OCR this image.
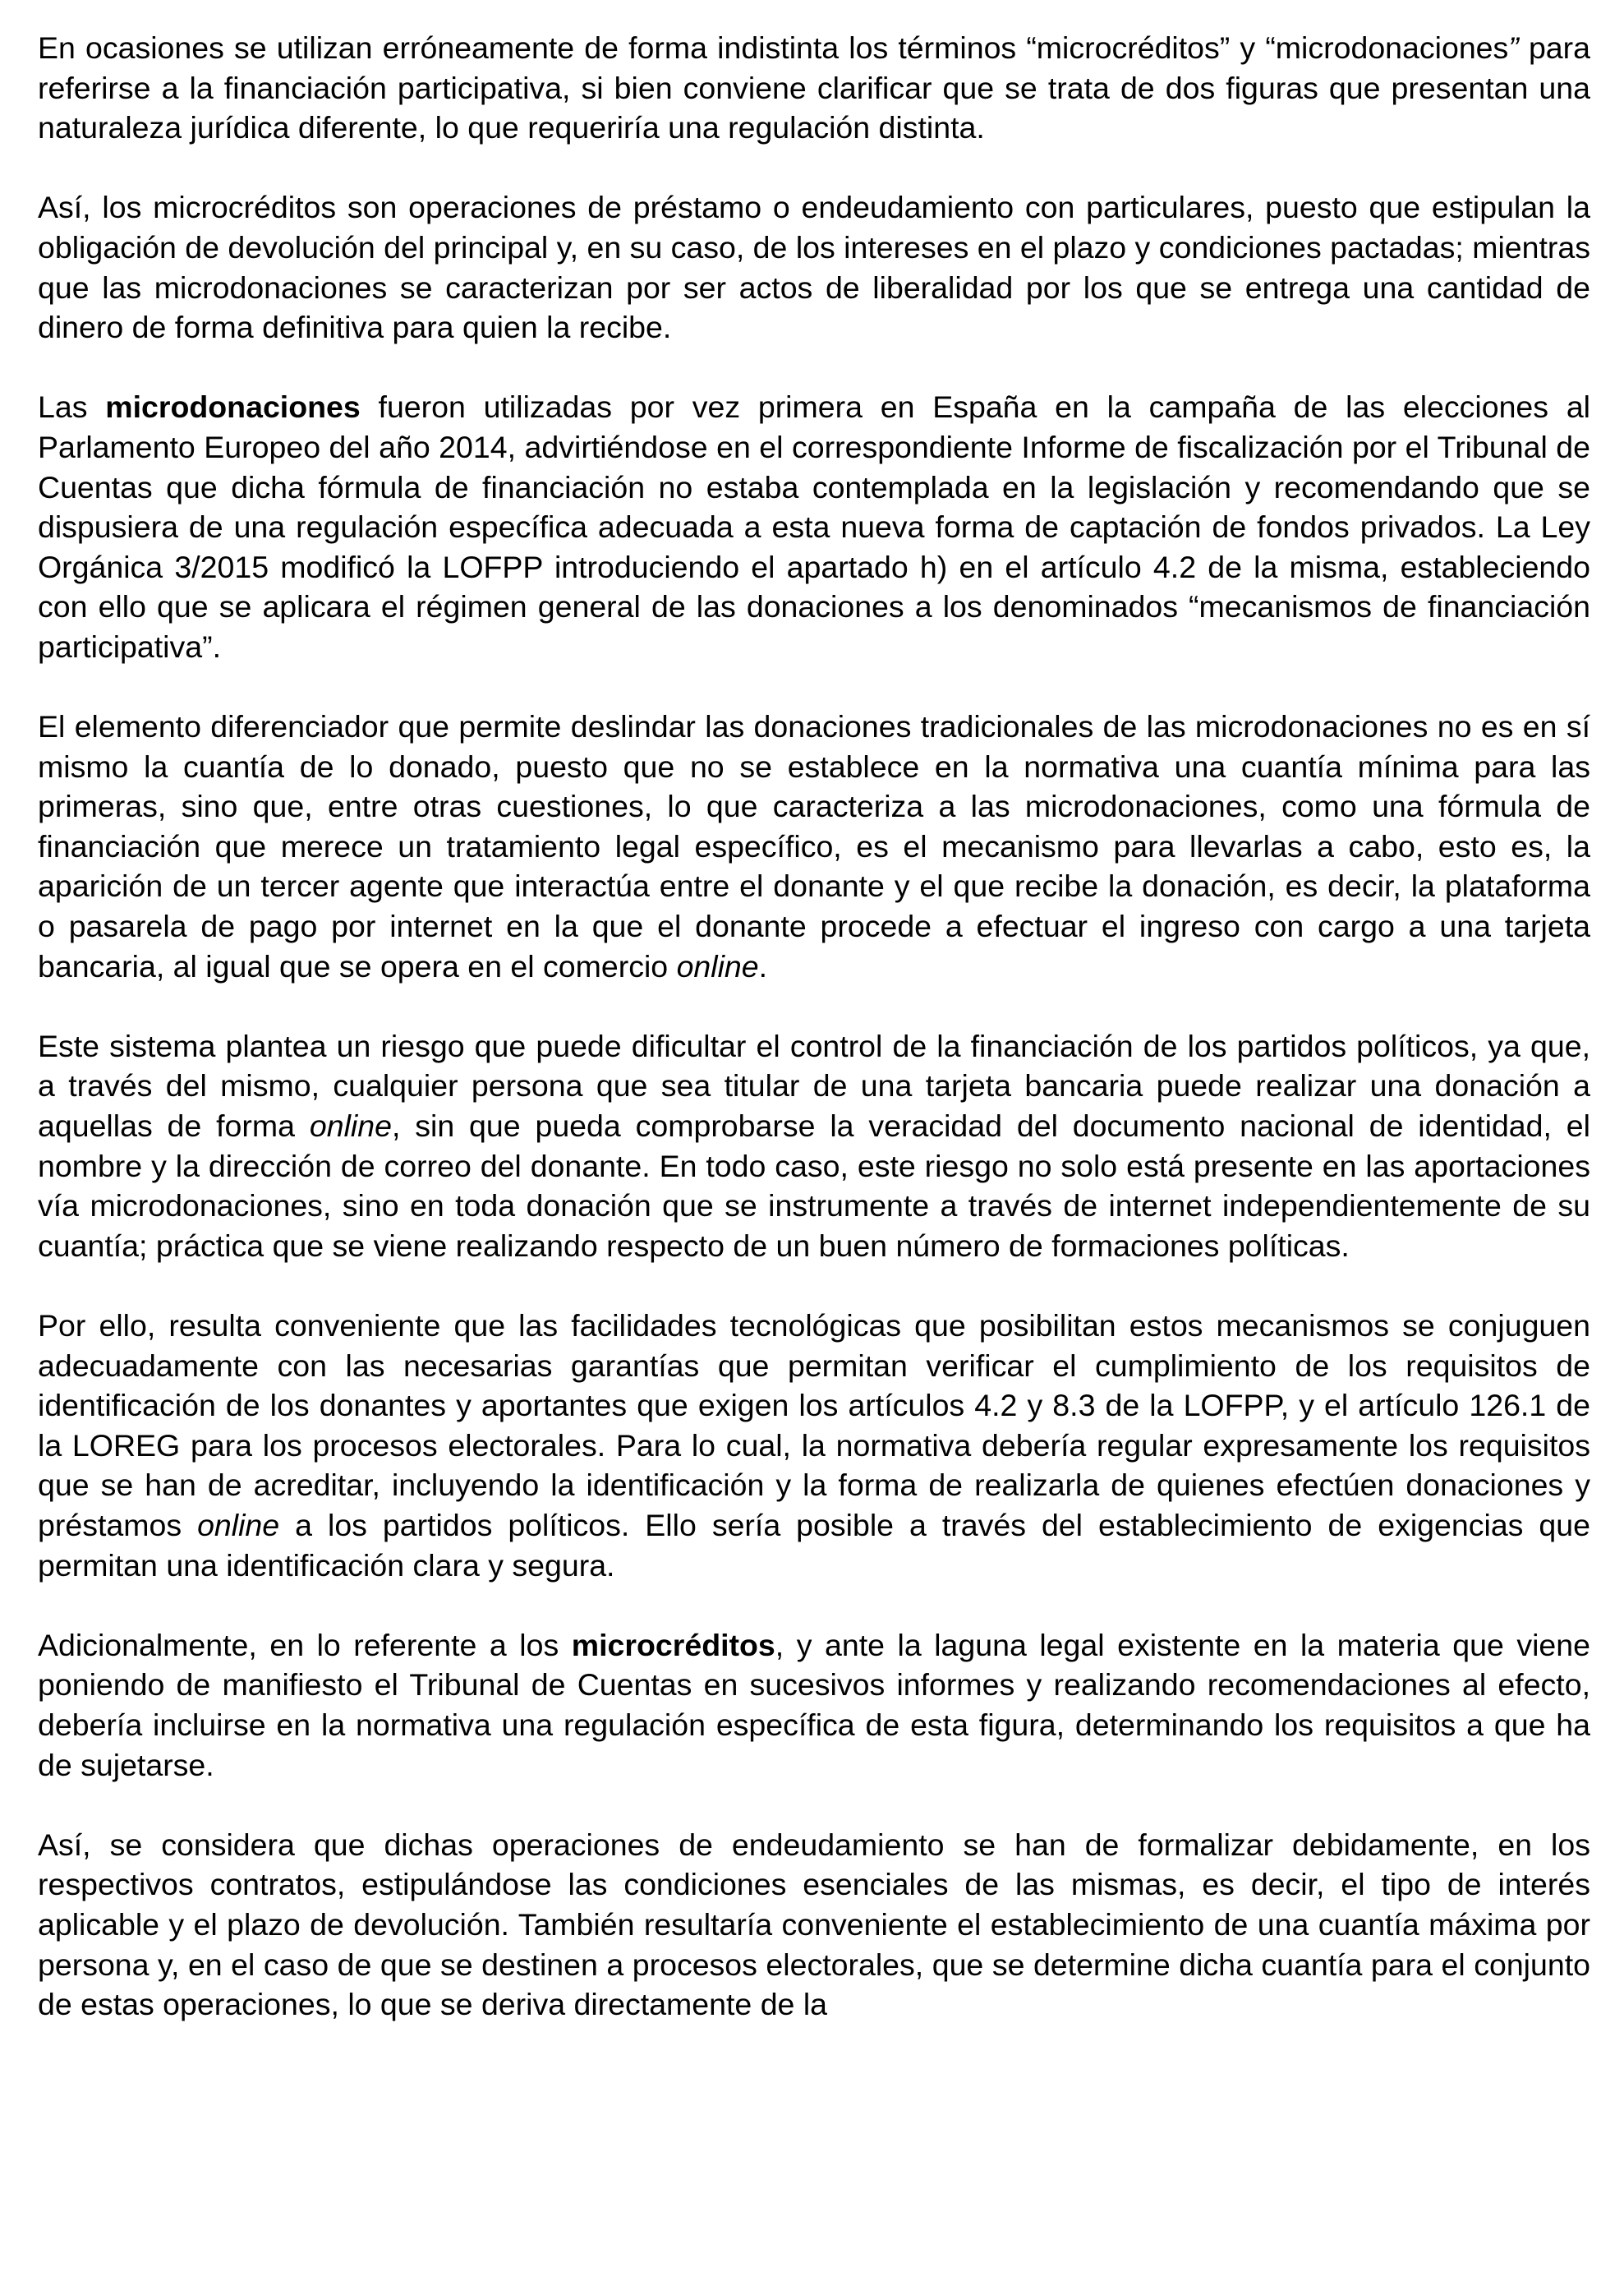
En ocasiones se utilizan erróneamente de forma indistinta los términos “microcréditos” y “microdonaciones” para referirse a la financiación participativa, si bien conviene clarificar que se trata de dos figuras que presentan una naturaleza jurídica diferente, lo que requeriría una regulación distinta.

Así, los microcréditos son operaciones de préstamo o endeudamiento con particulares, puesto que estipulan la obligación de devolución del principal y, en su caso, de los intereses en el plazo y condiciones pactadas; mientras que las microdonaciones se caracterizan por ser actos de liberalidad por los que se entrega una cantidad de dinero de forma definitiva para quien la recibe.

Las microdonaciones fueron utilizadas por vez primera en España en la campaña de las elecciones al Parlamento Europeo del año 2014, advirtiéndose en el correspondiente Informe de fiscalización por el Tribunal de Cuentas que dicha fórmula de financiación no estaba contemplada en la legislación y recomendando que se dispusiera de una regulación específica adecuada a esta nueva forma de captación de fondos privados. La Ley Orgánica 3/2015 modificó la LOFPP introduciendo el apartado h) en el artículo 4.2 de la misma, estableciendo con ello que se aplicara el régimen general de las donaciones a los denominados “mecanismos de financiación participativa”.

El elemento diferenciador que permite deslindar las donaciones tradicionales de las microdonaciones no es en sí mismo la cuantía de lo donado, puesto que no se establece en la normativa una cuantía mínima para las primeras, sino que, entre otras cuestiones, lo que caracteriza a las microdonaciones, como una fórmula de financiación que merece un tratamiento legal específico, es el mecanismo para llevarlas a cabo, esto es, la aparición de un tercer agente que interactúa entre el donante y el que recibe la donación, es decir, la plataforma o pasarela de pago por internet en la que el donante procede a efectuar el ingreso con cargo a una tarjeta bancaria, al igual que se opera en el comercio online.

Este sistema plantea un riesgo que puede dificultar el control de la financiación de los partidos políticos, ya que, a través del mismo, cualquier persona que sea titular de una tarjeta bancaria puede realizar una donación a aquellas de forma online, sin que pueda comprobarse la veracidad del documento nacional de identidad, el nombre y la dirección de correo del donante. En todo caso, este riesgo no solo está presente en las aportaciones vía microdonaciones, sino en toda donación que se instrumente a través de internet independientemente de su cuantía; práctica que se viene realizando respecto de un buen número de formaciones políticas.

Por ello, resulta conveniente que las facilidades tecnológicas que posibilitan estos mecanismos se conjuguen adecuadamente con las necesarias garantías que permitan verificar el cumplimiento de los requisitos de identificación de los donantes y aportantes que exigen los artículos 4.2 y 8.3 de la LOFPP, y el artículo 126.1 de la LOREG para los procesos electorales. Para lo cual, la normativa debería regular expresamente los requisitos que se han de acreditar, incluyendo la identificación y la forma de realizarla de quienes efectúen donaciones y préstamos online a los partidos políticos. Ello sería posible a través del establecimiento de exigencias que permitan una identificación clara y segura.

Adicionalmente, en lo referente a los microcréditos, y ante la laguna legal existente en la materia que viene poniendo de manifiesto el Tribunal de Cuentas en sucesivos informes y realizando recomendaciones al efecto, debería incluirse en la normativa una regulación específica de esta figura, determinando los requisitos a que ha de sujetarse.

Así, se considera que dichas operaciones de endeudamiento se han de formalizar debidamente, en los respectivos contratos, estipulándose las condiciones esenciales de las mismas, es decir, el tipo de interés aplicable y el plazo de devolución. También resultaría conveniente el establecimiento de una cuantía máxima por persona y, en el caso de que se destinen a procesos electorales, que se determine dicha cuantía para el conjunto de estas operaciones, lo que se deriva directamente de la
